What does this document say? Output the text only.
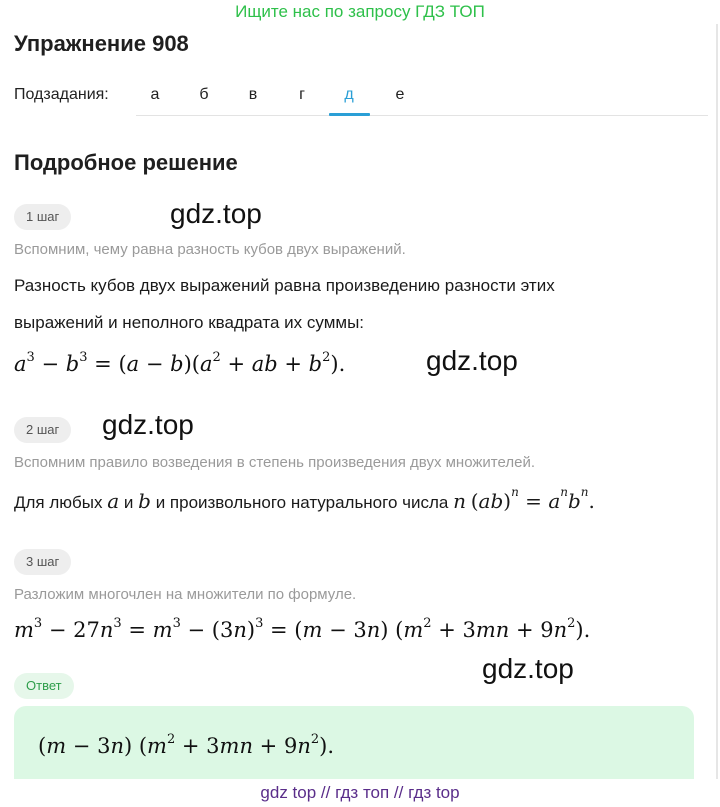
Ищите нас по запросу ГДЗ ТОП
Упражнение 908
Подзадания:	а	б	в	г	д	е
Подробное решение
1 шаг	gdz.top
Вспомним, чему равна разность кубов двух выражений.
Разность кубов двух выражений равна произведению разности этих
выражений и неполного квадрата их суммы:
$a^3 - b^3 = (a - b)(a^2$ + ab + $b^2$).	gdz.top
2 шаг	gdz.top
Вспомним правило возведения в степень произведения двух множителей.
Для любых a и b и произвольного натурального числа n $(ab)^n = a^nb^n$.
3 шаг
Разложим многочлен на множители по формуле.
$m^3 - 27n^3 = m^3 - (3n)^3 = (m - 3n) (m^2 + 3mn + 9n^2)$.
gdz.top
Ответ
(m − 3n) $(m^2 + 3mn + 9n^2)$.
gdz top // гдз топ // гдз top
